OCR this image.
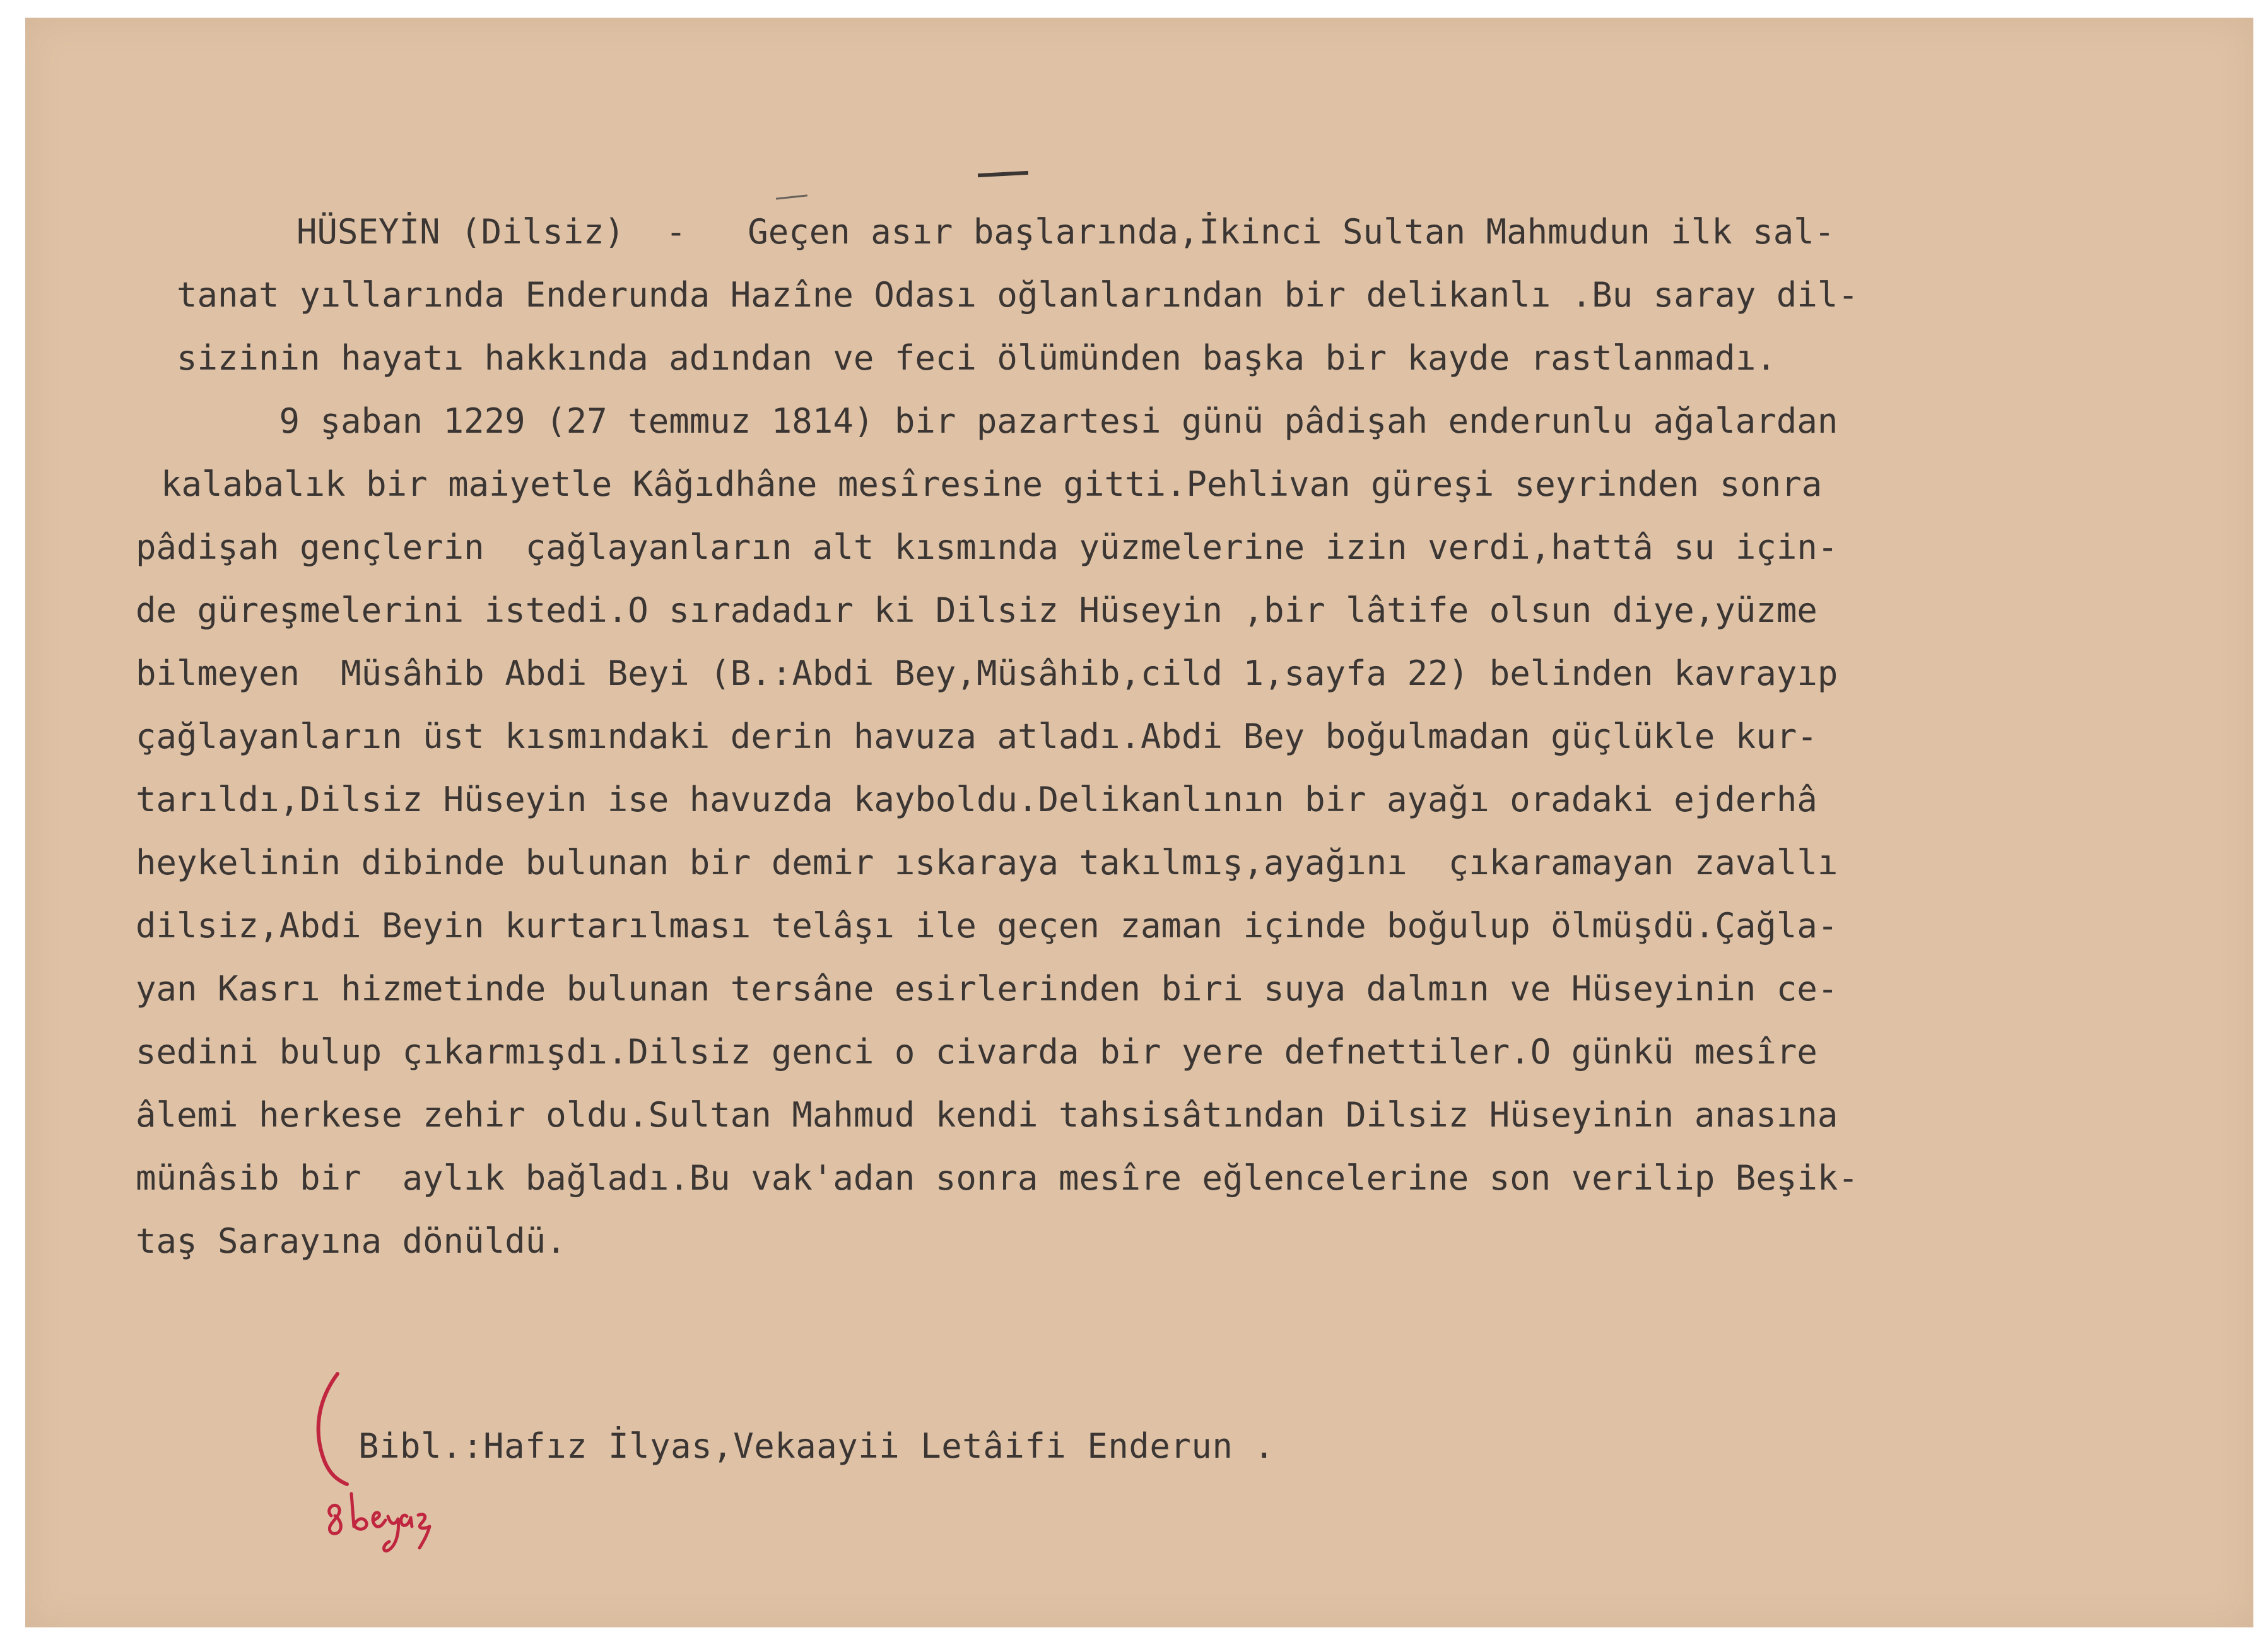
HÜSEYİN (Dilsiz)  -   Geçen asır başlarında,İkinci Sultan Mahmudun ilk sal-
tanat yıllarında Enderunda Hazîne Odası oğlanlarından bir delikanlı .Bu saray dil-
sizinin hayatı hakkında adından ve feci ölümünden başka bir kayde rastlanmadı.
9 şaban 1229 (27 temmuz 1814) bir pazartesi günü pâdişah enderunlu ağalardan
kalabalık bir maiyetle Kâğıdhâne mesîresine gitti.Pehlivan güreşi seyrinden sonra
pâdişah gençlerin  çağlayanların alt kısmında yüzmelerine izin verdi,hattâ su için-
de güreşmelerini istedi.O sıradadır ki Dilsiz Hüseyin ,bir lâtife olsun diye,yüzme
bilmeyen  Müsâhib Abdi Beyi (B.:Abdi Bey,Müsâhib,cild 1,sayfa 22) belinden kavrayıp
çağlayanların üst kısmındaki derin havuza atladı.Abdi Bey boğulmadan güçlükle kur-
tarıldı,Dilsiz Hüseyin ise havuzda kayboldu.Delikanlının bir ayağı oradaki ejderhâ
heykelinin dibinde bulunan bir demir ıskaraya takılmış,ayağını  çıkaramayan zavallı
dilsiz,Abdi Beyin kurtarılması telâşı ile geçen zaman içinde boğulup ölmüşdü.Çağla-
yan Kasrı hizmetinde bulunan tersâne esirlerinden biri suya dalmın ve Hüseyinin ce-
sedini bulup çıkarmışdı.Dilsiz genci o civarda bir yere defnettiler.O günkü mesîre
âlemi herkese zehir oldu.Sultan Mahmud kendi tahsisâtından Dilsiz Hüseyinin anasına
münâsib bir  aylık bağladı.Bu vak'adan sonra mesîre eğlencelerine son verilip Beşik-
taş Sarayına dönüldü.
Bibl.:Hafız İlyas,Vekaayii Letâifi Enderun .
